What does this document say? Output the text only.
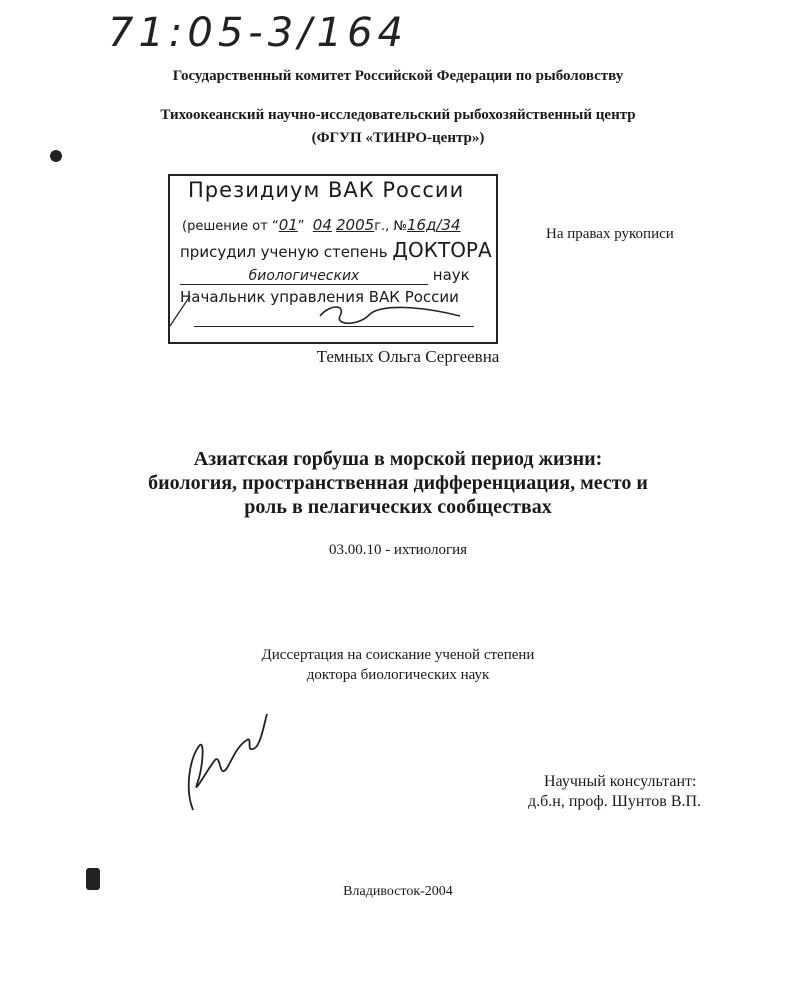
71:05-3/164
Государственный комитет Российской Федерации по рыболовству
Тихоокеанский научно-исследовательский рыбохозяйственный центр
(ФГУП «ТИНРО-центр»)
Президиум ВАК России
(решение от “01”  04 2005г., №16д/34
присудил ученую степень ДОКТОРА
биологических	наук
Начальник управления ВАК России
На правах рукописи
Темных Ольга Сергеевна
Азиатская горбуша в морской период жизни:
биология, пространственная дифференциация, место и
роль в пелагических сообществах
03.00.10 - ихтиология
Диссертация на соискание ученой степени
доктора биологических наук
Научный консультант:
д.б.н, проф. Шунтов В.П.
Владивосток-2004
